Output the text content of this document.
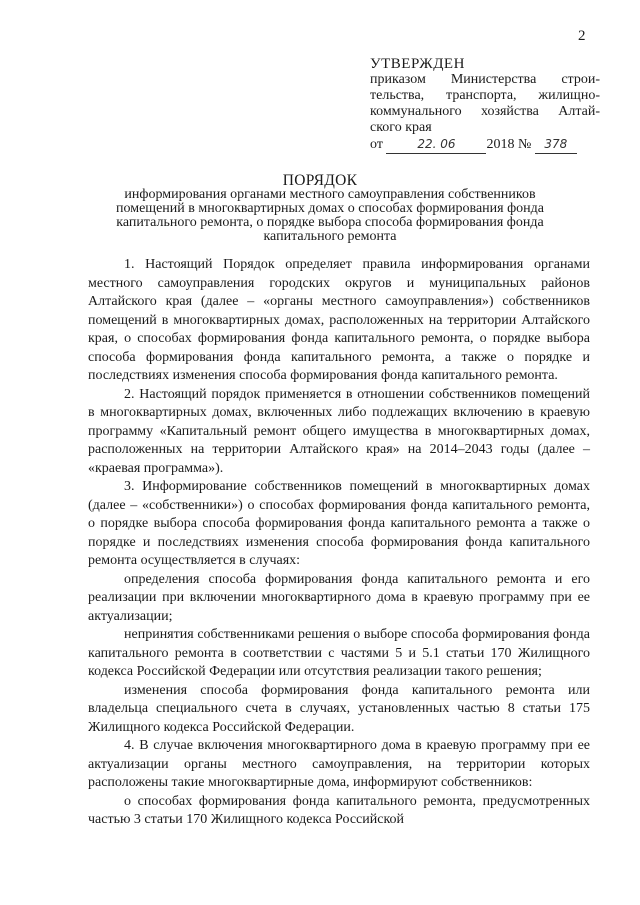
2
УТВЕРЖДЕН
приказом Министерства строи-
тельства, транспорта, жилищно-
коммунального хозяйства Алтай-
ского края
от	22. 06 2018 № 378
ПОРЯДОК
информирования органами местного самоуправления собственников помещений в многоквартирных домах о способах формирования фонда капитального ремонта, о порядке выбора способа формирования фонда капитального ремонта

1. Настоящий Порядок определяет правила информирования органами местного самоуправления городских округов и муниципальных районов Алтайского края (далее – «органы местного самоуправления») собственников помещений в многоквартирных домах, расположенных на территории Алтайского края, о способах формирования фонда капитального ремонта, о порядке выбора способа формирования фонда капитального ремонта, а также о порядке и последствиях изменения способа формирования фонда капитального ремонта.

2. Настоящий порядок применяется в отношении собственников помещений в многоквартирных домах, включенных либо подлежащих включению в краевую программу «Капитальный ремонт общего имущества в многоквартирных домах, расположенных на территории Алтайского края» на 2014–2043 годы (далее – «краевая программа»).

3. Информирование собственников помещений в многоквартирных домах (далее – «собственники») о способах формирования фонда капитального ремонта, о порядке выбора способа формирования фонда капитального ремонта а также о порядке и последствиях изменения способа формирования фонда капитального ремонта осуществляется в случаях:

определения способа формирования фонда капитального ремонта и его реализации при включении многоквартирного дома в краевую программу при ее актуализации;

непринятия собственниками решения о выборе способа формирования фонда капитального ремонта в соответствии с частями 5 и 5.1 статьи 170 Жилищного кодекса Российской Федерации или отсутствия реализации такого решения;

изменения способа формирования фонда капитального ремонта или владельца специального счета в случаях, установленных частью 8 статьи 175 Жилищного кодекса Российской Федерации.

4. В случае включения многоквартирного дома в краевую программу при ее актуализации органы местного самоуправления, на территории которых расположены такие многоквартирные дома, информируют собственников:

о способах формирования фонда капитального ремонта, предусмотренных частью 3 статьи 170 Жилищного кодекса Российской
